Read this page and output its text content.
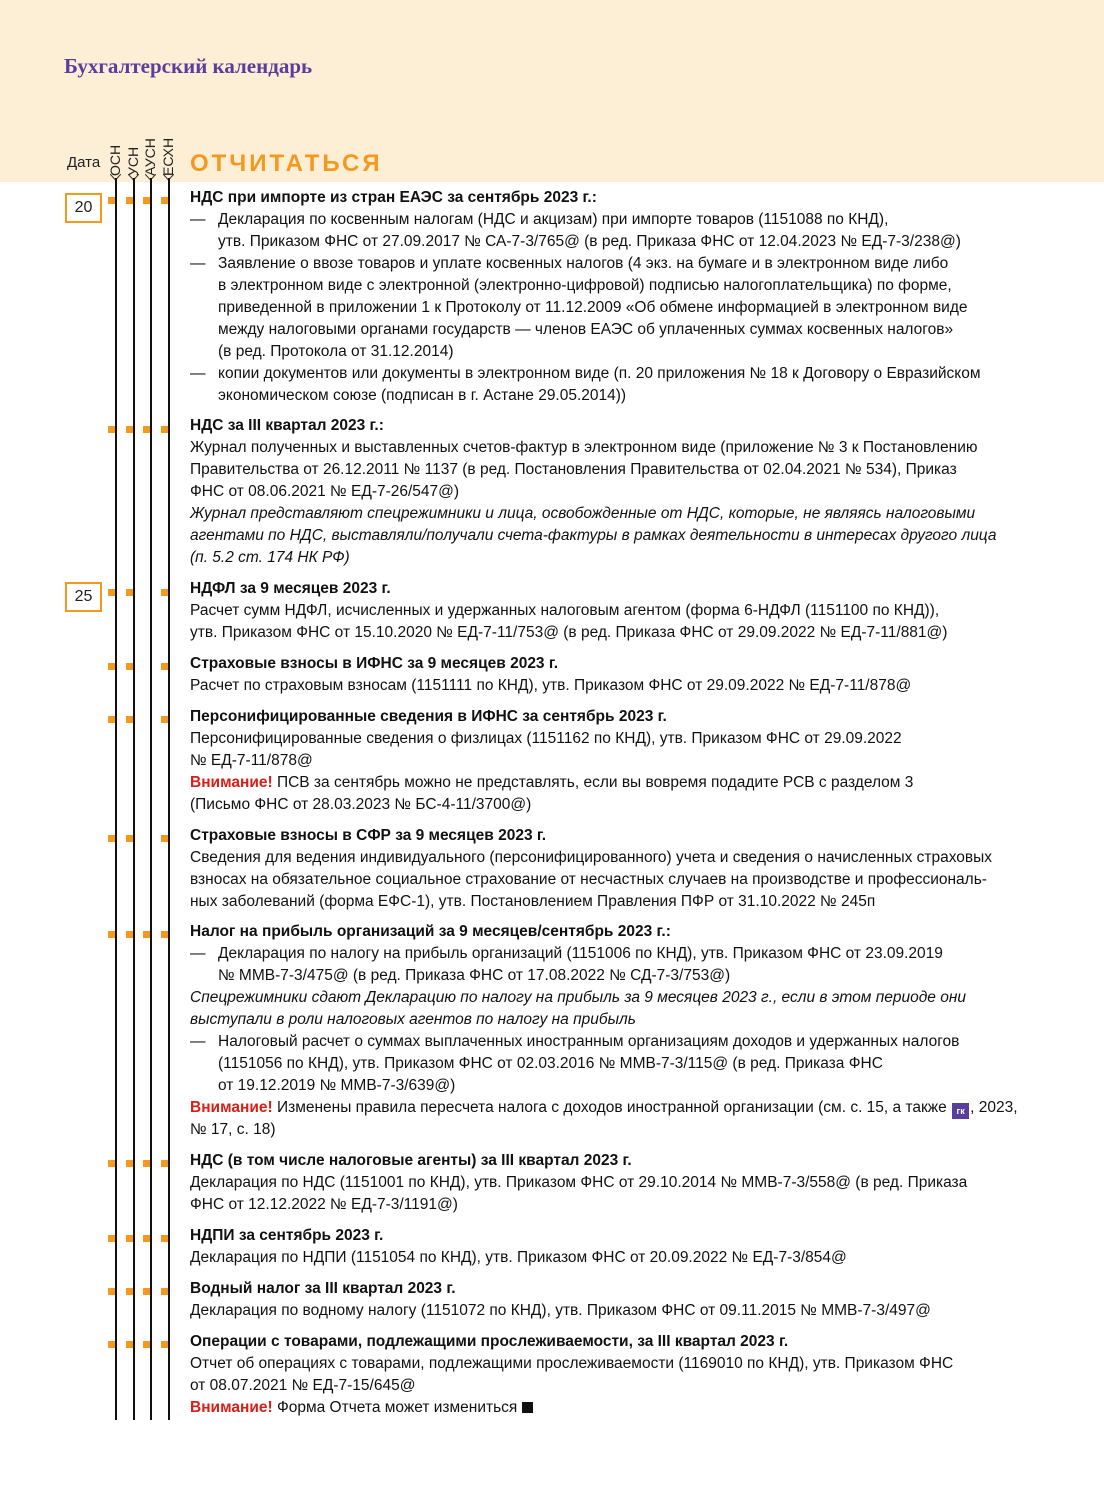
Бухгалтерский календарь
Дата ОСН УСН АУСН ЕСХН ОТЧИТАТЬСЯ
20
25
НДС при импорте из стран ЕАЭС за сентябрь 2023 г.:
— Декларация по косвенным налогам (НДС и акцизам) при импорте товаров (1151088 по КНД),
утв. Приказом ФНС от 27.09.2017 № СА-7-3/765@ (в ред. Приказа ФНС от 12.04.2023 № ЕД-7-3/238@)
— Заявление о ввозе товаров и уплате косвенных налогов (4 экз. на бумаге и в электронном виде либо
в электронном виде с электронной (электронно-цифровой) подписью налогоплательщика) по форме,
приведенной в приложении 1 к Протоколу от 11.12.2009 «Об обмене информацией в электронном виде
между налоговыми органами государств — членов ЕАЭС об уплаченных суммах косвенных налогов»
(в ред. Протокола от 31.12.2014)
— копии документов или документы в электронном виде (п. 20 приложения № 18 к Договору о Евразийском
экономическом союзе (подписан в г. Астане 29.05.2014))
НДС за III квартал 2023 г.:
Журнал полученных и выставленных счетов-фактур в электронном виде (приложение № 3 к Постановлению
Правительства от 26.12.2011 № 1137 (в ред. Постановления Правительства от 02.04.2021 № 534), Приказ
ФНС от 08.06.2021 № ЕД-7-26/547@)
Журнал представляют спецрежимники и лица, освобожденные от НДС, которые, не являясь налоговыми
агентами по НДС, выставляли/получали счета-фактуры в рамках деятельности в интересах другого лица
(п. 5.2 ст. 174 НК РФ)
НДФЛ за 9 месяцев 2023 г.
Расчет сумм НДФЛ, исчисленных и удержанных налоговым агентом (форма 6-НДФЛ (1151100 по КНД)),
утв. Приказом ФНС от 15.10.2020 № ЕД-7-11/753@ (в ред. Приказа ФНС от 29.09.2022 № ЕД-7-11/881@)
Страховые взносы в ИФНС за 9 месяцев 2023 г.
Расчет по страховым взносам (1151111 по КНД), утв. Приказом ФНС от 29.09.2022 № ЕД-7-11/878@
Персонифицированные сведения в ИФНС за сентябрь 2023 г.
Персонифицированные сведения о физлицах (1151162 по КНД), утв. Приказом ФНС от 29.09.2022
№ ЕД-7-11/878@
Внимание! ПСВ за сентябрь можно не представлять, если вы вовремя подадите РСВ с разделом 3
(Письмо ФНС от 28.03.2023 № БС-4-11/3700@)
Страховые взносы в СФР за 9 месяцев 2023 г.
Сведения для ведения индивидуального (персонифицированного) учета и сведения о начисленных страховых
взносах на обязательное социальное страхование от несчастных случаев на производстве и профессиональ-
ных заболеваний (форма ЕФС-1), утв. Постановлением Правления ПФР от 31.10.2022 № 245п
Налог на прибыль организаций за 9 месяцев/сентябрь 2023 г.:
— Декларация по налогу на прибыль организаций (1151006 по КНД), утв. Приказом ФНС от 23.09.2019
№ ММВ-7-3/475@ (в ред. Приказа ФНС от 17.08.2022 № СД-7-3/753@)
Спецрежимники сдают Декларацию по налогу на прибыль за 9 месяцев 2023 г., если в этом периоде они
выступали в роли налоговых агентов по налогу на прибыль
— Налоговый расчет о суммах выплаченных иностранным организациям доходов и удержанных налогов
(1151056 по КНД), утв. Приказом ФНС от 02.03.2016 № ММВ-7-3/115@ (в ред. Приказа ФНС
от 19.12.2019 № ММВ-7-3/639@)
Внимание! Изменены правила пересчета налога с доходов иностранной организации (см. с. 15, а также гк , 2023,
№ 17, с. 18)
НДС (в том числе налоговые агенты) за III квартал 2023 г.
Декларация по НДС (1151001 по КНД), утв. Приказом ФНС от 29.10.2014 № ММВ-7-3/558@ (в ред. Приказа
ФНС от 12.12.2022 № ЕД-7-3/1191@)
НДПИ за сентябрь 2023 г.
Декларация по НДПИ (1151054 по КНД), утв. Приказом ФНС от 20.09.2022 № ЕД-7-3/854@
Водный налог за III квартал 2023 г.
Декларация по водному налогу (1151072 по КНД), утв. Приказом ФНС от 09.11.2015 № ММВ-7-3/497@
Операции с товарами, подлежащими прослеживаемости, за III квартал 2023 г.
Отчет об операциях с товарами, подлежащими прослеживаемости (1169010 по КНД), утв. Приказом ФНС
от 08.07.2021 № ЕД-7-15/645@
Внимание! Форма Отчета может измениться
